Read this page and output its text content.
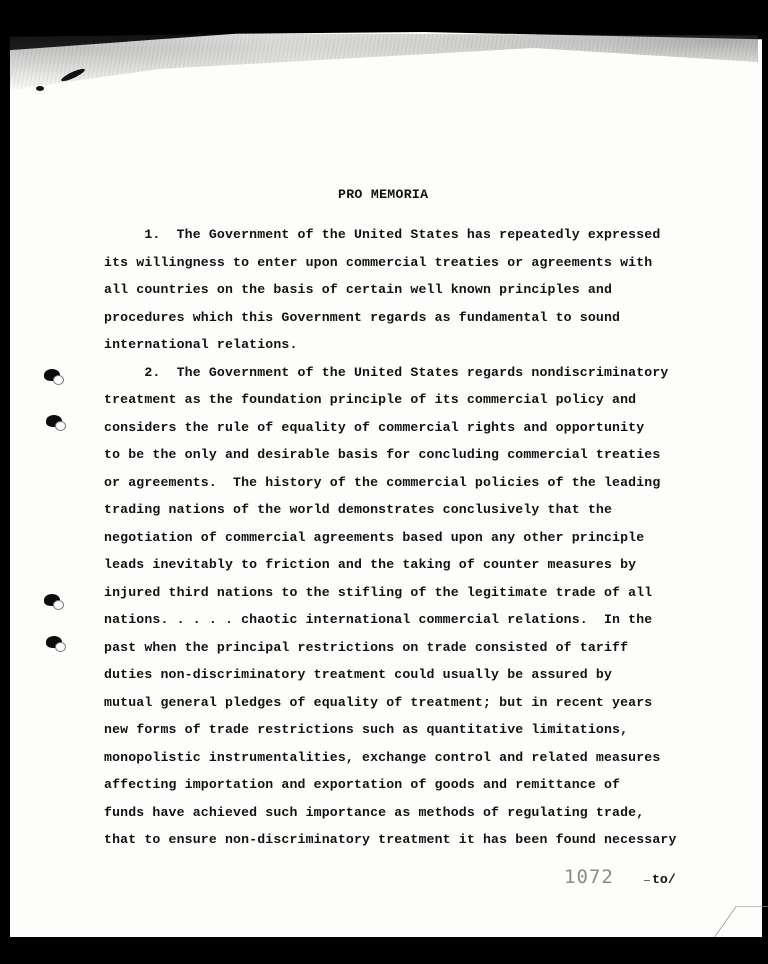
PRO MEMORIA
1.  The Government of the United States has repeatedly expressed
its willingness to enter upon commercial treaties or agreements with
all countries on the basis of certain well known principles and
procedures which this Government regards as fundamental to sound
international relations.
2.  The Government of the United States regards nondiscriminatory
treatment as the foundation principle of its commercial policy and
considers the rule of equality of commercial rights and opportunity
to be the only and desirable basis for concluding commercial treaties
or agreements.  The history of the commercial policies of the leading
trading nations of the world demonstrates conclusively that the
negotiation of commercial agreements based upon any other principle
leads inevitably to friction and the taking of counter measures by
injured third nations to the stifling of the legitimate trade of all
nations. . . . . chaotic international commercial relations.  In the
past when the principal restrictions on trade consisted of tariff
duties non-discriminatory treatment could usually be assured by
mutual general pledges of equality of treatment; but in recent years
new forms of trade restrictions such as quantitative limitations,
monopolistic instrumentalities, exchange control and related measures
affecting importation and exportation of goods and remittance of
funds have achieved such importance as methods of regulating trade,
that to ensure non-discriminatory treatment it has been found necessary
1072	to/
